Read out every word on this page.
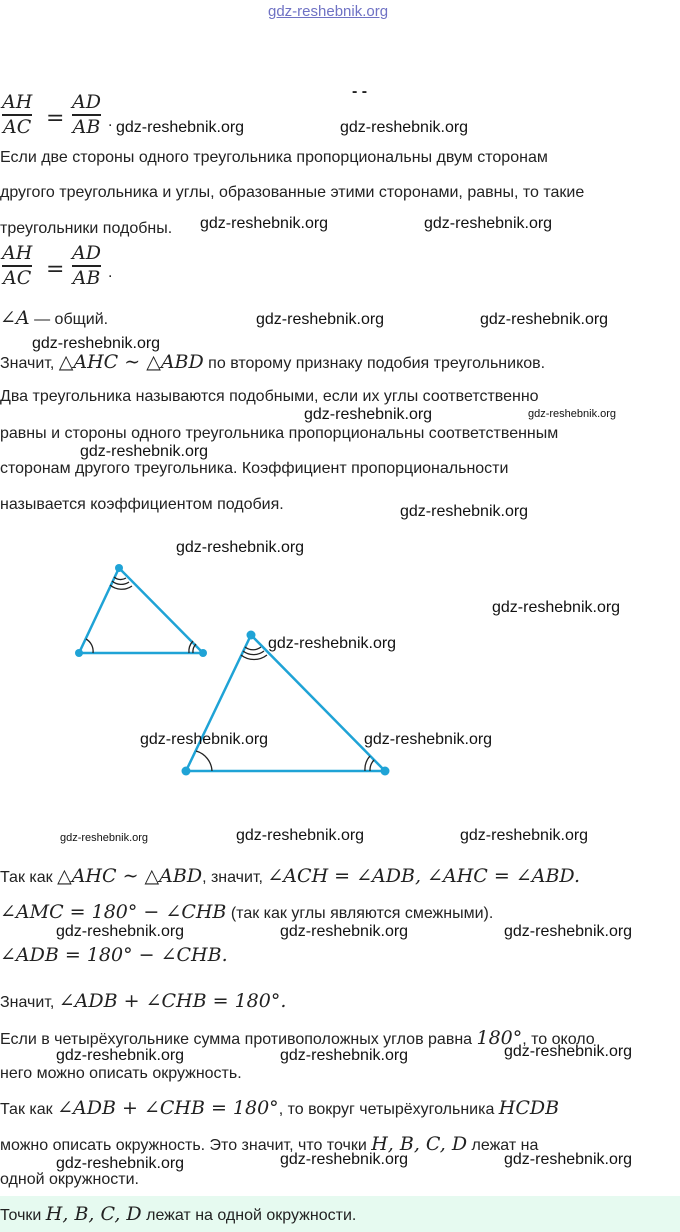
gdz-reshebnik.org
AH
AC =
AD
AB .
- -
gdz-reshebnik.org	gdz-reshebnik.org
Если две стороны одного треугольника пропорциональны двум сторонам
другого треугольника и углы, образованные этими сторонами, равны, то такие
треугольники подобны. gdz-reshebnik.org	gdz-reshebnik.org
AH
AC =
AD
AB .
∠A — общий.	gdz-reshebnik.org	gdz-reshebnik.org
gdz-reshebnik.org
Значит, △AHC ∼ △ABD по второму признаку подобия треугольников.
Два треугольника называются подобными, если их углы соответственно
gdz-reshebnik.org	gdz-reshebnik.org
равны и стороны одного треугольника пропорциональны соответственным
gdz-reshebnik.org
сторонам другого треугольника. Коэффициент пропорциональности
называется коэффициентом подобия.	gdz-reshebnik.org
gdz-reshebnik.org
gdz-reshebnik.org
gdz-reshebnik.org
gdz-reshebnik.org	gdz-reshebnik.org
gdz-reshebnik.org	gdz-reshebnik.org	gdz-reshebnik.org
Так как △AHC ∼ △ABD, значит, ∠ACH = ∠ADB, ∠AHC = ∠ABD.
∠AMC = 180° − ∠CHB (так как углы являются смежными).
gdz-reshebnik.org	gdz-reshebnik.org	gdz-reshebnik.org
∠ADB = 180° − ∠CHB.
Значит, ∠ADB + ∠CHB = 180°.
Если в четырёхугольнике сумма противоположных углов равна 180°, то около
gdz-reshebnik.org	gdz-reshebnik.org	gdz-reshebnik.org
него можно описать окружность.
Так как ∠ADB + ∠CHB = 180°, то вокруг четырёхугольника HCDB
можно описать окружность. Это значит, что точки H, B, C, D лежат на
gdz-reshebnik.org	gdz-reshebnik.org	gdz-reshebnik.org
одной окружности.
Точки H, B, C, D лежат на одной окружности.
